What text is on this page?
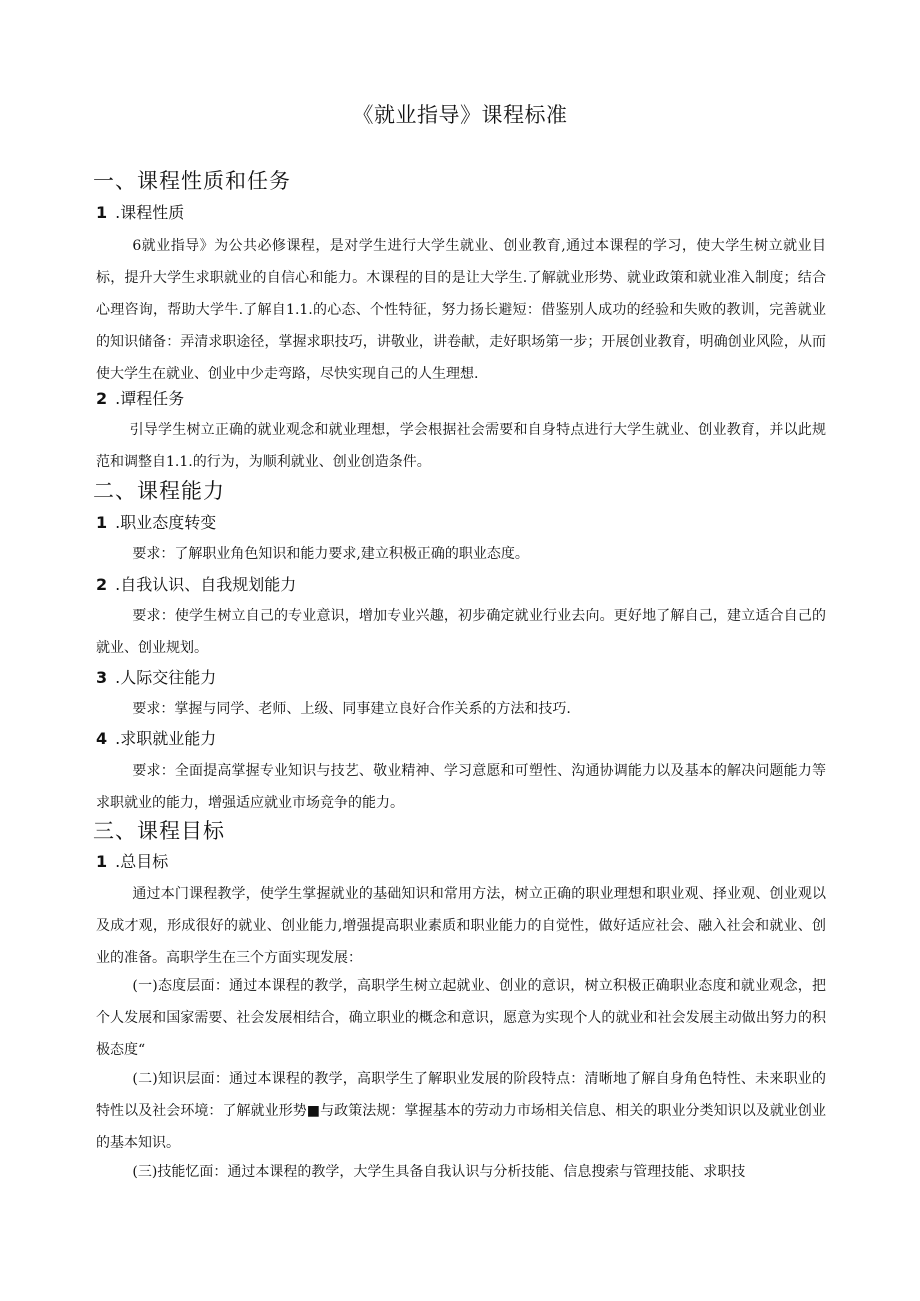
《就业指导》课程标准
一、课程性质和任务
1 .课程性质
6就业指导》为公共必修课程，是对学生进行大学生就业、创业教育,通过本课程的学习，使大学生树立就业目标，提升大学生求职就业的自信心和能力。木课程的目的是让大学生.了解就业形势、就业政策和就业准入制度；结合心理咨询，帮助大学牛.了解自1.1.的心态、个性特征，努力扬长避短：借鉴别人成功的经验和失败的教训，完善就业的知识储备：弄清求职途径，掌握求职技巧，讲敬业，讲卷献，走好职场第一步；开展创业教育，明确创业风险，从而使大学生在就业、创业中少走弯路，尽快实现自己的人生理想.
2 .谭程任务
引导学生树立正确的就业观念和就业理想，学会根据社会需要和自身特点进行大学生就业、创业教育，并以此规范和调整自1.1.的行为，为顺利就业、创业创造条件。
二、课程能力
1 .职业态度转变
要求：了解职业角色知识和能力要求,建立积极正确的职业态度。
2 .自我认识、自我规划能力
要求：使学生树立自己的专业意识，增加专业兴趣，初步确定就业行业去向。更好地了解自己，建立适合自己的就业、创业规划。
3 .人际交往能力
要求：掌握与同学、老师、上级、同事建立良好合作关系的方法和技巧.
4 .求职就业能力
要求：全面提高掌握专业知识与技艺、敬业精神、学习意愿和可塑性、沟通协调能力以及基本的解决问题能力等求职就业的能力，增强适应就业市场竞争的能力。
三、课程目标
1 .总目标
通过本门课程教学，使学生掌握就业的基础知识和常用方法，树立正确的职业理想和职业观、择业观、创业观以及成才观，形成很好的就业、创业能力,增强提高职业素质和职业能力的自觉性，做好适应社会、融入社会和就业、创业的准备。高职学生在三个方面实现发展：
(一)态度层面：通过本课程的教学，高职学生树立起就业、创业的意识，树立积极正确职业态度和就业观念，把个人发展和国家需要、社会发展相结合，确立职业的概念和意识，愿意为实现个人的就业和社会发展主动做出努力的积极态度“
(二)知识层面：通过本课程的教学，高职学生了解职业发展的阶段特点：清晰地了解自身角色特性、未来职业的特性以及社会环境：了解就业形势■与政策法规：掌握基本的劳动力市场相关信息、相关的职业分类知识以及就业创业的基本知识。
(三)技能忆面：通过本课程的教学，大学生具备自我认识与分析技能、信息搜索与管理技能、求职技
